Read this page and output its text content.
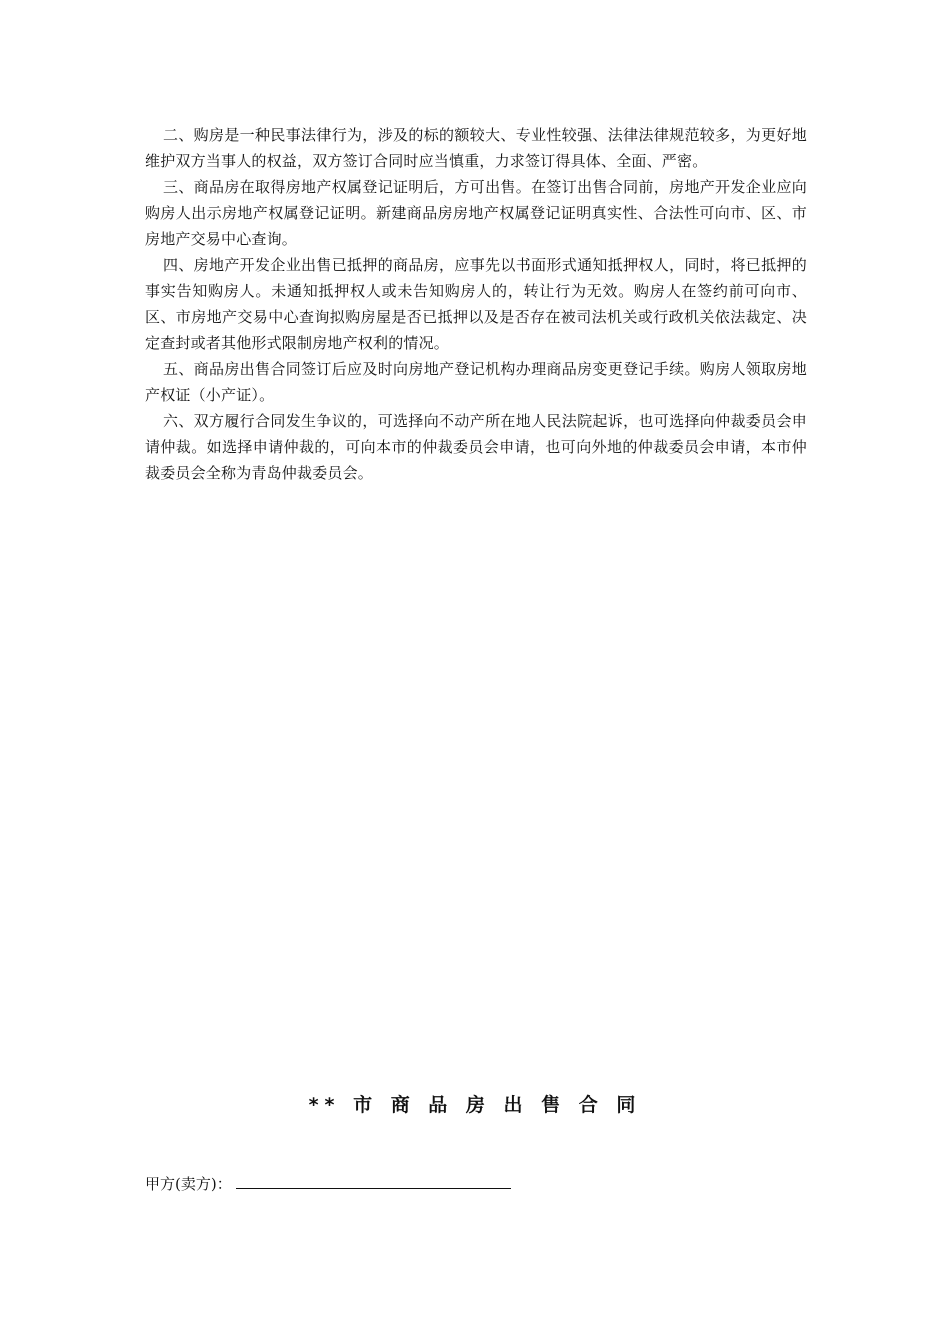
二、购房是一种民事法律行为，涉及的标的额较大、专业性较强、法律法律规范较多，为更好地维护双方当事人的权益，双方签订合同时应当慎重，力求签订得具体、全面、严密。

三、商品房在取得房地产权属登记证明后，方可出售。在签订出售合同前，房地产开发企业应向购房人出示房地产权属登记证明。新建商品房房地产权属登记证明真实性、合法性可向市、区、市房地产交易中心查询。

四、房地产开发企业出售已抵押的商品房，应事先以书面形式通知抵押权人，同时，将已抵押的事实告知购房人。未通知抵押权人或未告知购房人的，转让行为无效。购房人在签约前可向市、区、市房地产交易中心查询拟购房屋是否已抵押以及是否存在被司法机关或行政机关依法裁定、决定查封或者其他形式限制房地产权利的情况。

五、商品房出售合同签订后应及时向房地产登记机构办理商品房变更登记手续。购房人领取房地产权证（小产证）。

六、双方履行合同发生争议的，可选择向不动产所在地人民法院起诉，也可选择向仲裁委员会申请仲裁。如选择申请仲裁的，可向本市的仲裁委员会申请，也可向外地的仲裁委员会申请，本市仲裁委员会全称为青岛仲裁委员会。

** 市 商 品 房 出 售 合 同
甲方(卖方)：
